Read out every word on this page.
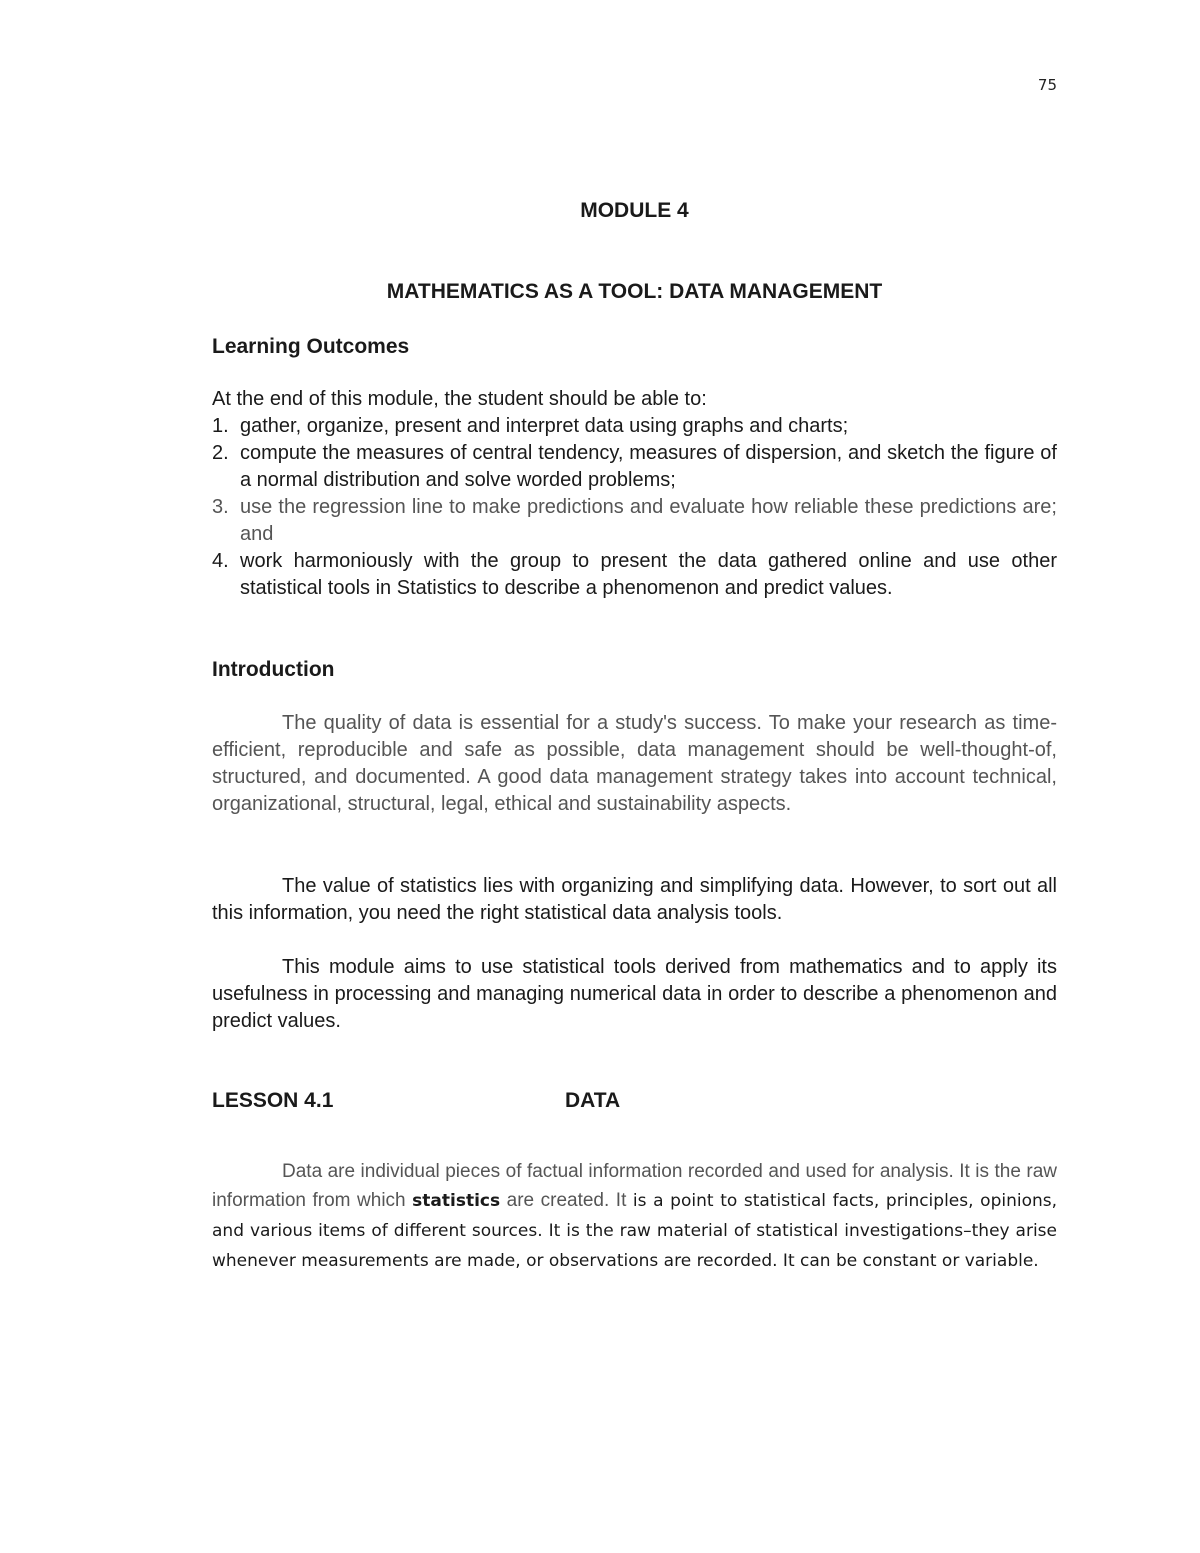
75
MODULE 4
MATHEMATICS AS A TOOL: DATA MANAGEMENT
Learning Outcomes
At the end of this module, the student should be able to:
1. gather, organize, present and interpret data using graphs and charts;
2. compute the measures of central tendency, measures of dispersion, and sketch the figure of a normal distribution and solve worded problems;
3. use the regression line to make predictions and evaluate how reliable these predictions are; and
4. work harmoniously with the group to present the data gathered online and use other statistical tools in Statistics to describe a phenomenon and predict values.
Introduction
The quality of data is essential for a study's success. To make your research as time-efficient, reproducible and safe as possible, data management should be well-thought-of, structured, and documented. A good data management strategy takes into account technical, organizational, structural, legal, ethical and sustainability aspects.
The value of statistics lies with organizing and simplifying data. However, to sort out all this information, you need the right statistical data analysis tools.
This module aims to use statistical tools derived from mathematics and to apply its usefulness in processing and managing numerical data in order to describe a phenomenon and predict values.
LESSON 4.1	DATA
Data are individual pieces of factual information recorded and used for analysis. It is the raw information from which statistics are created. It is a point to statistical facts, principles, opinions, and various items of different sources. It is the raw material of statistical investigations–they arise whenever measurements are made, or observations are recorded. It can be constant or variable.
